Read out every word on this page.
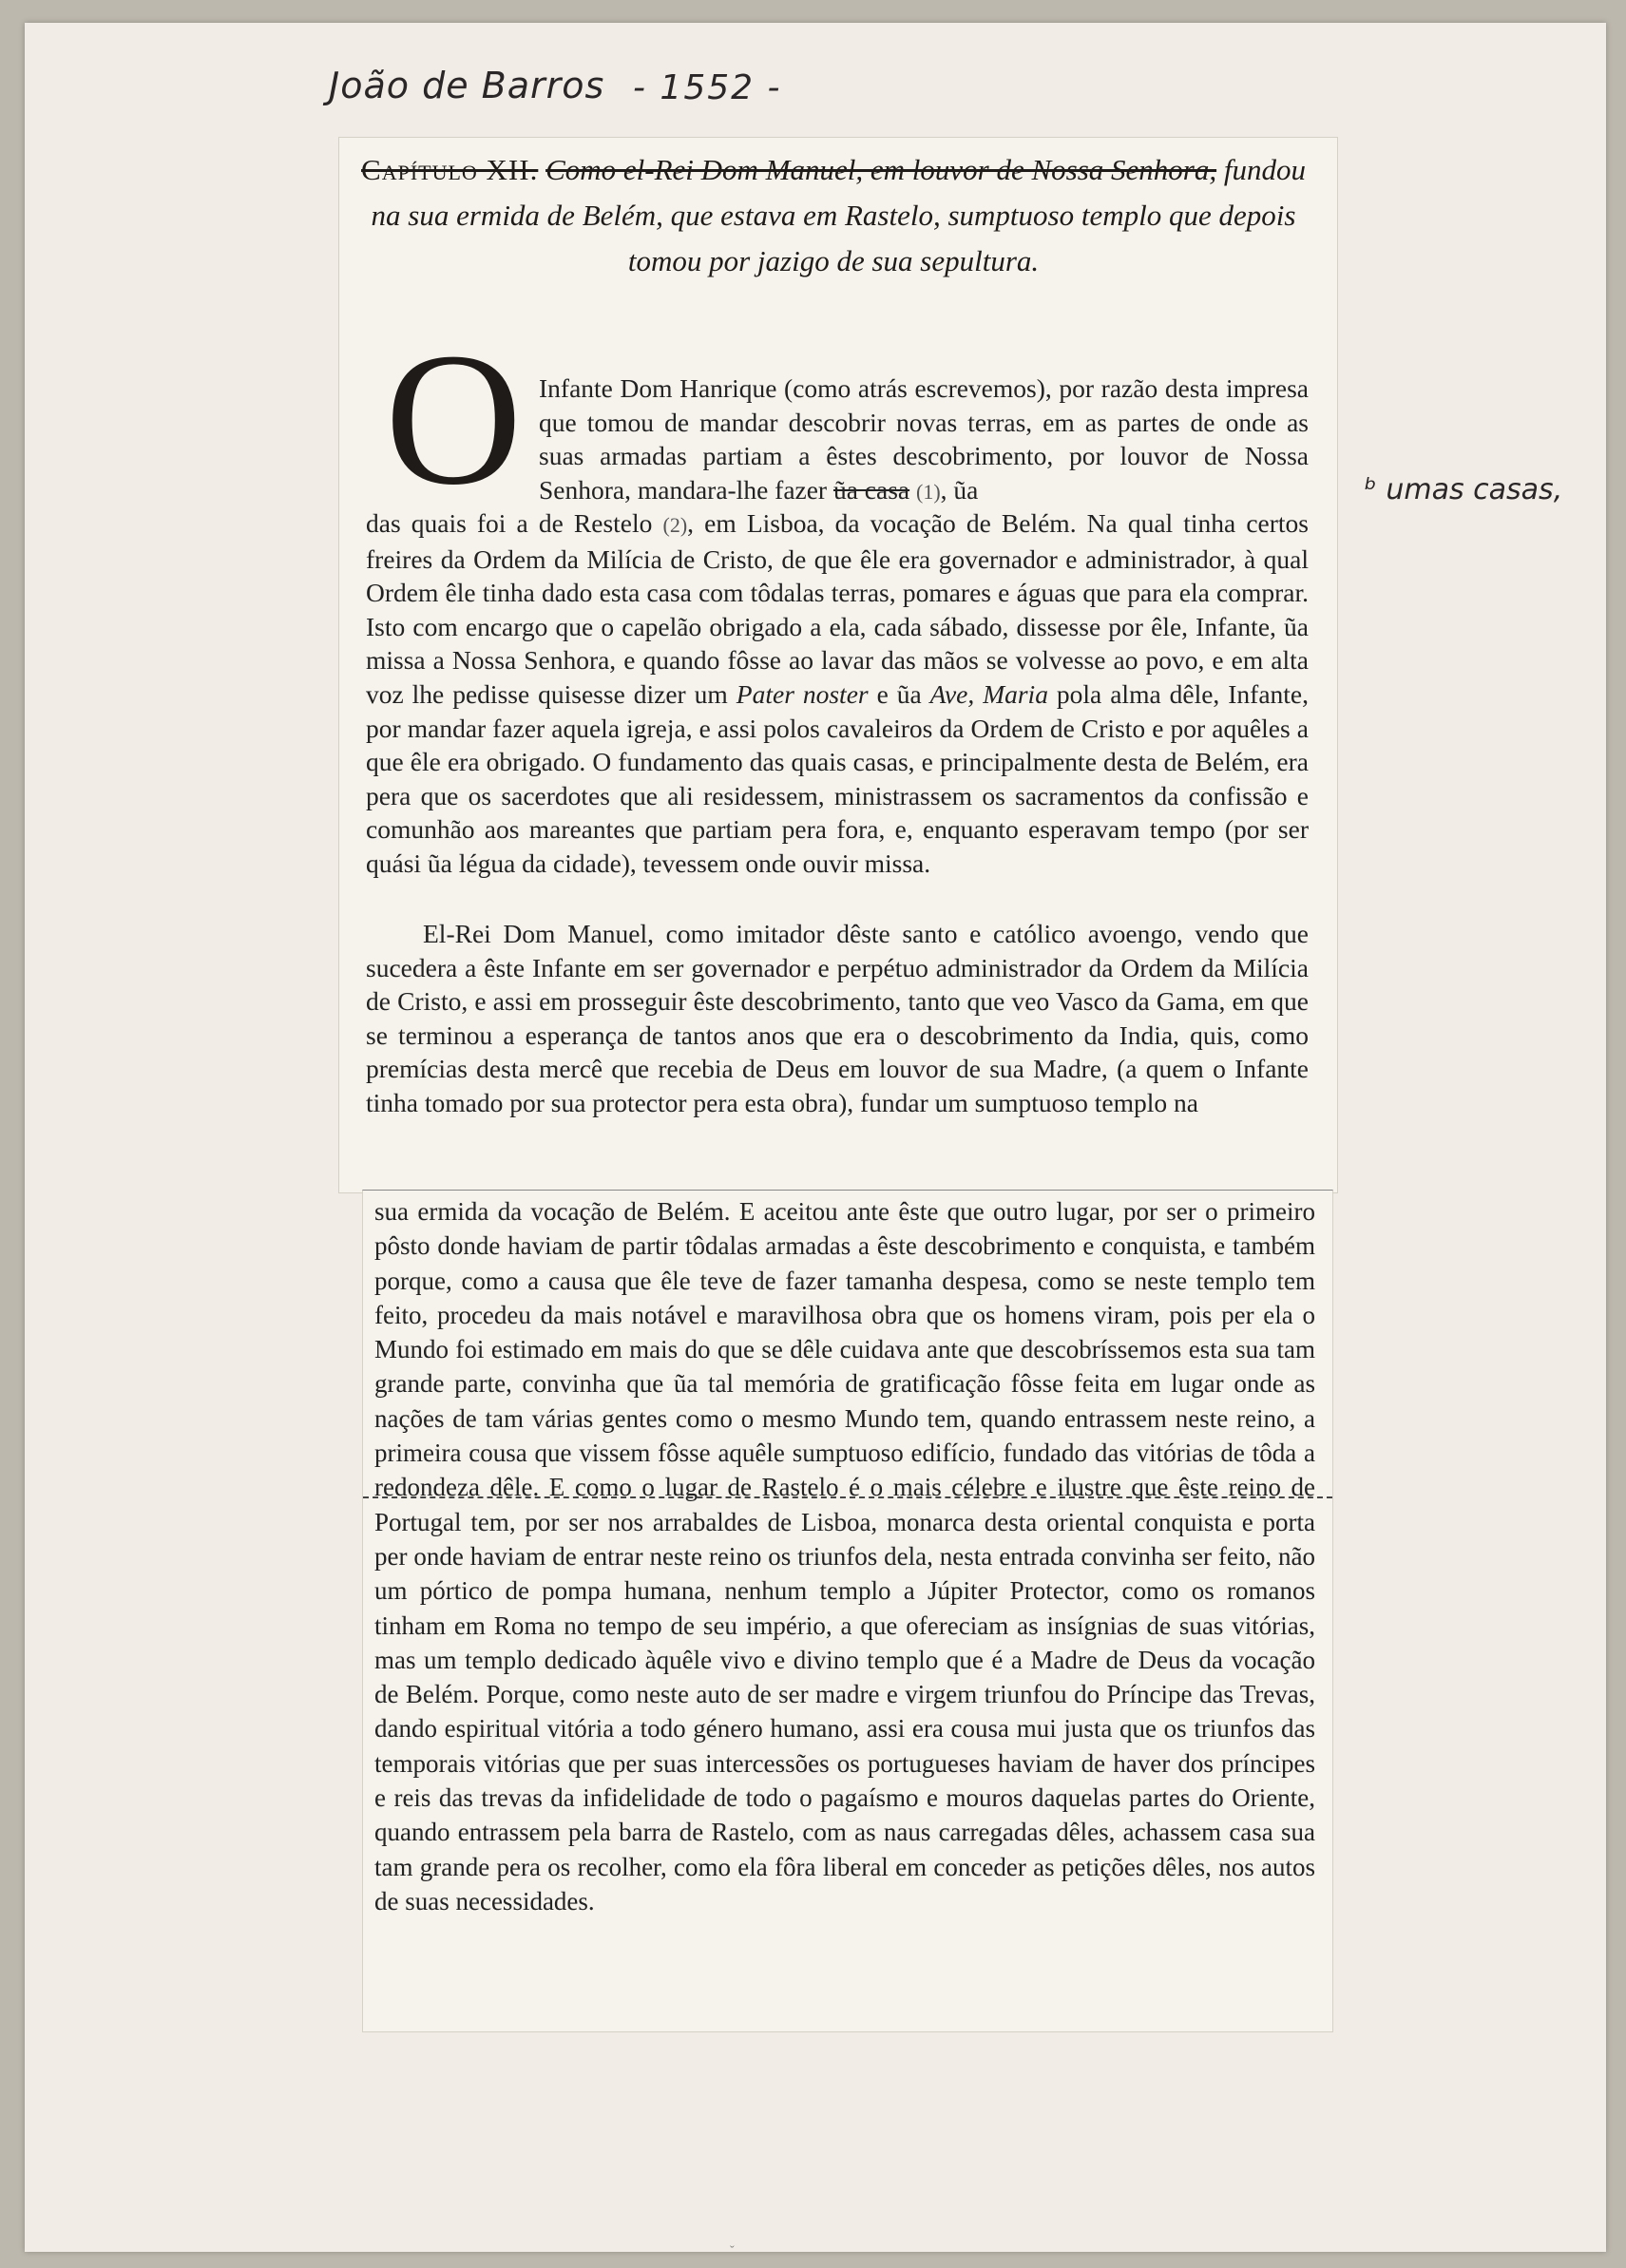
João de Barros - 1552 -
ᵇ umas casas,
Capítulo XII. Como el-Rei Dom Manuel, em louvor de Nossa Senhora, fundou na sua ermida de Belém, que estava em Rastelo, sumptuoso templo que depois tomou por jazigo de sua sepultura.
O Infante Dom Hanrique (como atrás escrevemos), por razão desta impresa que tomou de mandar descobrir novas terras, em as partes de onde as suas armadas partiam a êstes descobrimento, por louvor de Nossa Senhora, mandara-lhe fazer ũa casa (1), ũa
das quais foi a de Restelo (2), em Lisboa, da vocação de Belém. Na qual tinha certos freires da Ordem da Milícia de Cristo, de que êle era governador e administrador, à qual Ordem êle tinha dado esta casa com tôdalas terras, pomares e águas que para ela comprar. Isto com encargo que o capelão obrigado a ela, cada sábado, dissesse por êle, Infante, ũa missa a Nossa Senhora, e quando fôsse ao lavar das mãos se volvesse ao povo, e em alta voz lhe pedisse quisesse dizer um Pater noster e ũa Ave, Maria pola alma dêle, Infante, por mandar fazer aquela igreja, e assi polos cavaleiros da Ordem de Cristo e por aquêles a que êle era obrigado. O fundamento das quais casas, e principalmente desta de Belém, era pera que os sacerdotes que ali residessem, ministrassem os sacramentos da confissão e comunhão aos mareantes que partiam pera fora, e, enquanto esperavam tempo (por ser quási ũa légua da cidade), tevessem onde ouvir missa.
El-Rei Dom Manuel, como imitador dêste santo e católico avoengo, vendo que sucedera a êste Infante em ser governador e perpétuo administrador da Ordem da Milícia de Cristo, e assi em prosseguir êste descobrimento, tanto que veo Vasco da Gama, em que se terminou a esperança de tantos anos que era o descobrimento da India, quis, como premícias desta mercê que recebia de Deus em louvor de sua Madre, (a quem o Infante tinha tomado por sua protector pera esta obra), fundar um sumptuoso templo na
sua ermida da vocação de Belém. E aceitou ante êste que outro lugar, por ser o primeiro pôsto donde haviam de partir tôdalas armadas a êste descobrimento e conquista, e também porque, como a causa que êle teve de fazer tamanha despesa, como se neste templo tem feito, procedeu da mais notável e maravilhosa obra que os homens viram, pois per ela o Mundo foi estimado em mais do que se dêle cuidava ante que descobríssemos esta sua tam grande parte, convinha que ũa tal memória de gratificação fôsse feita em lugar onde as nações de tam várias gentes como o mesmo Mundo tem, quando entrassem neste reino, a primeira cousa que vissem fôsse aquêle sumptuoso edifício, fundado das vitórias de tôda a redondeza dêle. E como o lugar de Rastelo é o mais célebre e ilustre que êste reino de Portugal tem, por ser nos arrabaldes de Lisboa, monarca desta oriental conquista e porta per onde haviam de entrar neste reino os triunfos dela, nesta entrada convinha ser feito, não um pórtico de pompa humana, nenhum templo a Júpiter Protector, como os romanos tinham em Roma no tempo de seu império, a que ofereciam as insígnias de suas vitórias, mas um templo dedicado àquêle vivo e divino templo que é a Madre de Deus da vocação de Belém. Porque, como neste auto de ser madre e virgem triunfou do Príncipe das Trevas, dando espiritual vitória a todo género humano, assi era cousa mui justa que os triunfos das temporais vitórias que per suas intercessões os portugueses haviam de haver dos príncipes e reis das trevas da infidelidade de todo o pagaísmo e mouros daquelas partes do Oriente, quando entrassem pela barra de Rastelo, com as naus carregadas dêles, achassem casa sua tam grande pera os recolher, como ela fôra liberal em conceder as petições dêles, nos autos de suas necessidades.
ˇ
